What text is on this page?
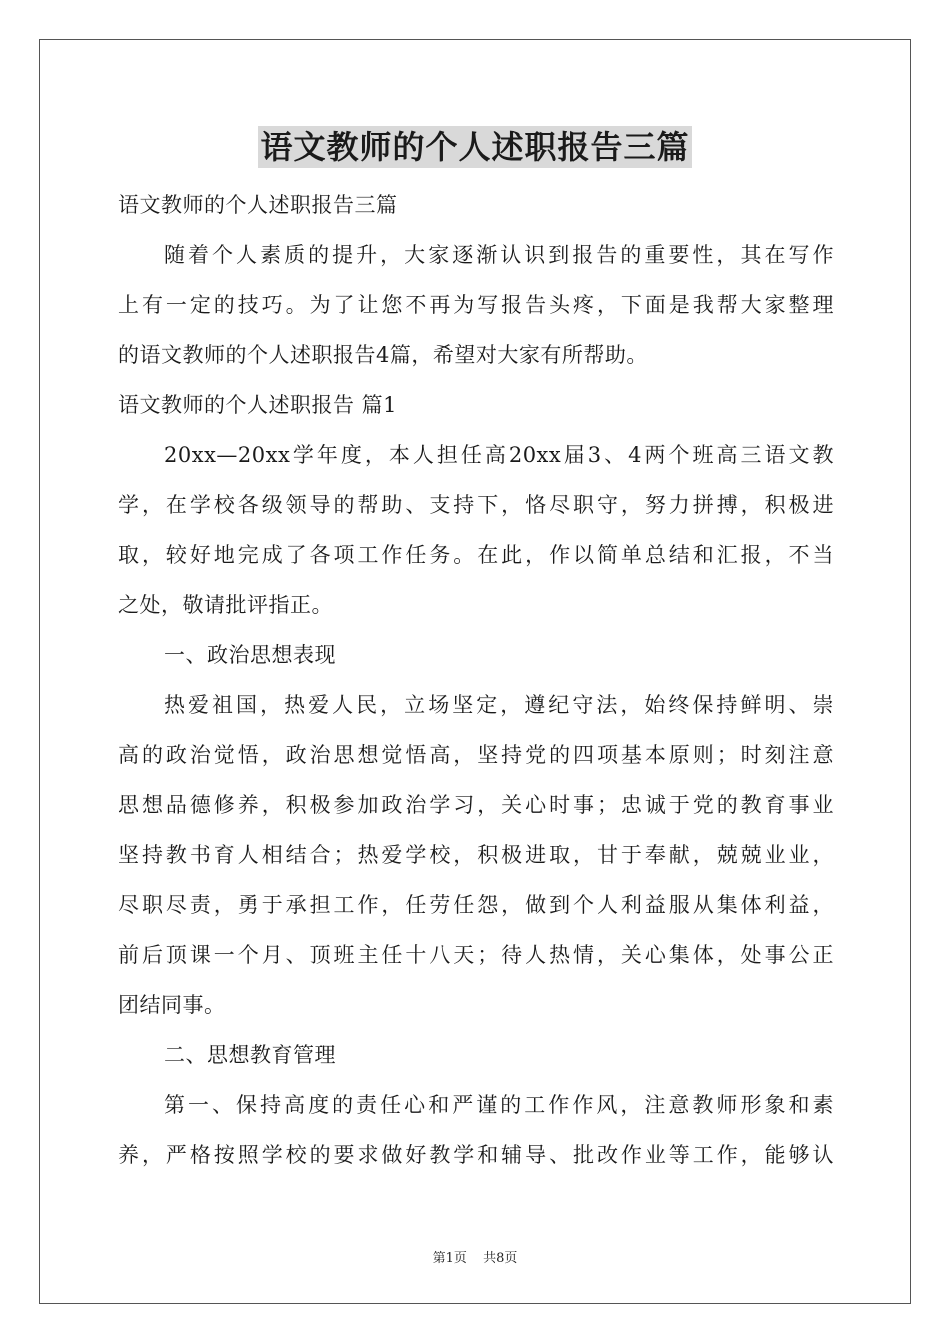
语文教师的个人述职报告三篇
语文教师的个人述职报告三篇
随着个人素质的提升，大家逐渐认识到报告的重要性，其在写作
上有一定的技巧。为了让您不再为写报告头疼，下面是我帮大家整理
的语文教师的个人述职报告4篇，希望对大家有所帮助。
语文教师的个人述职报告 篇1
20xx—20xx学年度，本人担任高20xx届3、4两个班高三语文教
学，在学校各级领导的帮助、支持下，恪尽职守，努力拼搏，积极进
取，较好地完成了各项工作任务。在此，作以简单总结和汇报，不当
之处，敬请批评指正。
一、政治思想表现
热爱祖国，热爱人民，立场坚定，遵纪守法，始终保持鲜明、崇
高的政治觉悟，政治思想觉悟高，坚持党的四项基本原则；时刻注意
思想品德修养，积极参加政治学习，关心时事；忠诚于党的教育事业
坚持教书育人相结合；热爱学校，积极进取，甘于奉献，兢兢业业，
尽职尽责，勇于承担工作，任劳任怨，做到个人利益服从集体利益，
前后顶课一个月、顶班主任十八天；待人热情，关心集体，处事公正
团结同事。
二、思想教育管理
第一、保持高度的责任心和严谨的工作作风，注意教师形象和素
养，严格按照学校的要求做好教学和辅导、批改作业等工作，能够认
第1页 共8页
